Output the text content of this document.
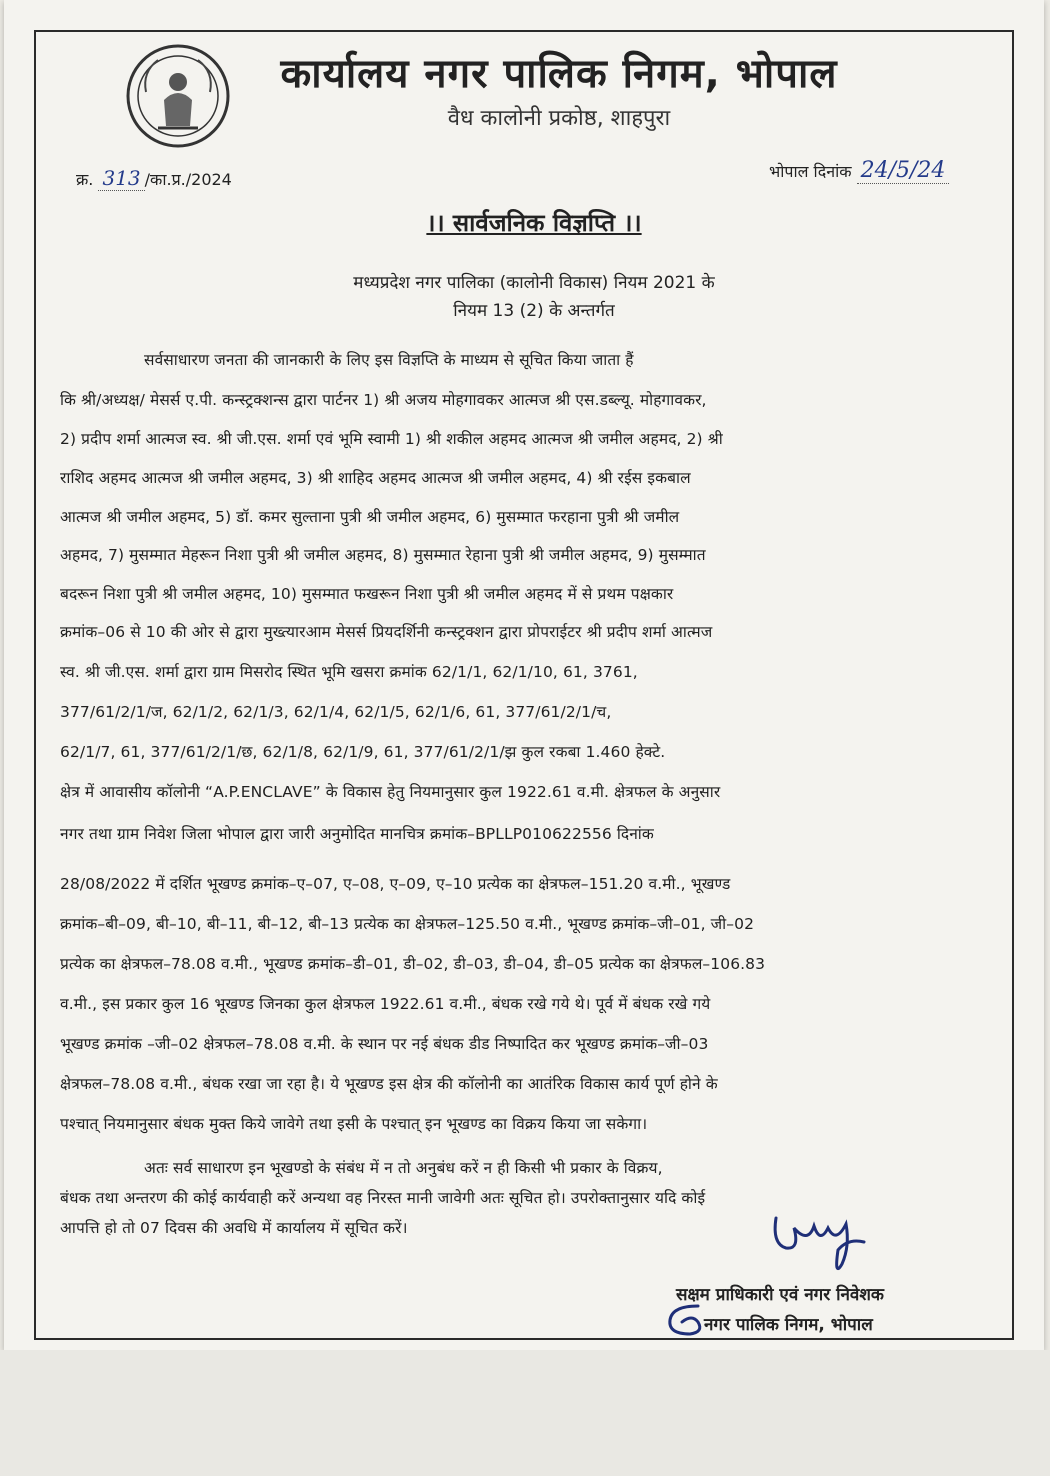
कार्यालय नगर पालिक निगम, भोपाल
वैध कालोनी प्रकोष्ठ, शाहपुरा
क्र. 313 /का.प्र./2024	भोपाल दिनांक 24/5/24
।। सार्वजनिक विज्ञप्ति ।।
मध्यप्रदेश नगर पालिका (कालोनी विकास) नियम 2021 के
नियम 13 (2) के अन्तर्गत
सर्वसाधारण जनता की जानकारी के लिए इस विज्ञप्ति के माध्यम से सूचित किया जाता हैं
कि श्री/अध्यक्ष/ मेसर्स ए.पी. कन्स्ट्रक्शन्स द्वारा पार्टनर 1) श्री अजय मोहगावकर आत्मज श्री एस.डब्ल्यू. मोहगावकर,
2) प्रदीप शर्मा आत्मज स्व. श्री जी.एस. शर्मा एवं भूमि स्वामी 1) श्री शकील अहमद आत्मज श्री जमील अहमद, 2) श्री
राशिद अहमद आत्मज श्री जमील अहमद, 3) श्री शाहिद अहमद आत्मज श्री जमील अहमद, 4) श्री रईस इकबाल
आत्मज श्री जमील अहमद, 5) डॉ. कमर सुल्ताना पुत्री श्री जमील अहमद, 6) मुसम्मात फरहाना पुत्री श्री जमील
अहमद, 7) मुसम्मात मेहरून निशा पुत्री श्री जमील अहमद, 8) मुसम्मात रेहाना पुत्री श्री जमील अहमद, 9) मुसम्मात
बदरून निशा पुत्री श्री जमील अहमद, 10) मुसम्मात फखरून निशा पुत्री श्री जमील अहमद में से प्रथम पक्षकार
क्रमांक–06 से 10 की ओर से द्वारा मुख्त्यारआम मेसर्स प्रियदर्शिनी कन्स्ट्रक्शन द्वारा प्रोपराईटर श्री प्रदीप शर्मा आत्मज
स्व. श्री जी.एस. शर्मा द्वारा ग्राम मिसरोद स्थित भूमि खसरा क्रमांक 62/1/1, 62/1/10, 61, 3761,
377/61/2/1/ज, 62/1/2, 62/1/3, 62/1/4, 62/1/5, 62/1/6, 61, 377/61/2/1/च,
62/1/7, 61, 377/61/2/1/छ, 62/1/8, 62/1/9, 61, 377/61/2/1/झ कुल रकबा 1.460 हेक्टे.
क्षेत्र में आवासीय कॉलोनी “A.P.ENCLAVE” के विकास हेतु नियमानुसार कुल 1922.61 व.मी. क्षेत्रफल के अनुसार
नगर तथा ग्राम निवेश जिला भोपाल द्वारा जारी अनुमोदित मानचित्र क्रमांक–BPLLP010622556 दिनांक
28/08/2022 में दर्शित भूखण्ड क्रमांक–ए–07, ए–08, ए–09, ए–10 प्रत्येक का क्षेत्रफल–151.20 व.मी., भूखण्ड
क्रमांक–बी–09, बी–10, बी–11, बी–12, बी–13 प्रत्येक का क्षेत्रफल–125.50 व.मी., भूखण्ड क्रमांक–जी–01, जी–02
प्रत्येक का क्षेत्रफल–78.08 व.मी., भूखण्ड क्रमांक–डी–01, डी–02, डी–03, डी–04, डी–05 प्रत्येक का क्षेत्रफल–106.83
व.मी., इस प्रकार कुल 16 भूखण्ड जिनका कुल क्षेत्रफल 1922.61 व.मी., बंधक रखे गये थे। पूर्व में बंधक रखे गये
भूखण्ड क्रमांक –जी–02 क्षेत्रफल–78.08 व.मी. के स्थान पर नई बंधक डीड निष्पादित कर भूखण्ड क्रमांक–जी–03
क्षेत्रफल–78.08 व.मी., बंधक रखा जा रहा है। ये भूखण्ड इस क्षेत्र की कॉलोनी का आतंरिक विकास कार्य पूर्ण होने के
पश्चात् नियमानुसार बंधक मुक्त किये जावेगे तथा इसी के पश्चात् इन भूखण्ड का विक्रय किया जा सकेगा।
अतः सर्व साधारण इन भूखण्डो के संबंध में न तो अनुबंध करें न ही किसी भी प्रकार के विक्रय,
बंधक तथा अन्तरण की कोई कार्यवाही करें अन्यथा वह निरस्त मानी जावेगी अतः सूचित हो। उपरोक्तानुसार यदि कोई
आपत्ति हो तो 07 दिवस की अवधि में कार्यालय में सूचित करें।
सक्षम प्राधिकारी एवं नगर निवेशक
नगर पालिक निगम, भोपाल
